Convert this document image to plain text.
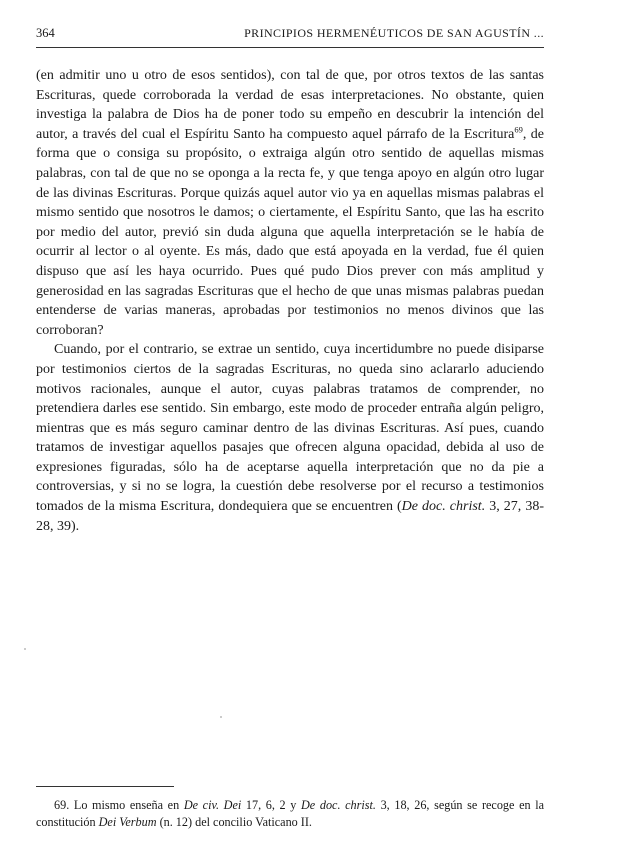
364	PRINCIPIOS HERMENÉUTICOS DE SAN AGUSTÍN ...

(en admitir uno u otro de esos sentidos), con tal de que, por otros textos de las santas Escrituras, quede corroborada la verdad de esas interpretaciones. No obstante, quien investiga la palabra de Dios ha de poner todo su empeño en descubrir la intención del autor, a través del cual el Espíritu Santo ha compuesto aquel párrafo de la Escritura$^{69}$, de forma que o consiga su propósito, o extraiga algún otro sentido de aquellas mismas palabras, con tal de que no se oponga a la recta fe, y que tenga apoyo en algún otro lugar de las divinas Escrituras. Porque quizás aquel autor vio ya en aquellas mismas palabras el mismo sentido que nosotros le damos; o ciertamente, el Espíritu Santo, que las ha escrito por medio del autor, previó sin duda alguna que aquella interpretación se le había de ocurrir al lector o al oyente. Es más, dado que está apoyada en la verdad, fue él quien dispuso que así les haya ocurrido. Pues qué pudo Dios prever con más amplitud y generosidad en las sagradas Escrituras que el hecho de que unas mismas palabras puedan entenderse de varias maneras, aprobadas por testimonios no menos divinos que las corroboran?

Cuando, por el contrario, se extrae un sentido, cuya incertidumbre no puede disiparse por testimonios ciertos de la sagradas Escrituras, no queda sino aclararlo aduciendo motivos racionales, aunque el autor, cuyas palabras tratamos de comprender, no pretendiera darles ese sentido. Sin embargo, este modo de proceder entraña algún peligro, mientras que es más seguro caminar dentro de las divinas Escrituras. Así pues, cuando tratamos de investigar aquellos pasajes que ofrecen alguna opacidad, debida al uso de expresiones figuradas, sólo ha de aceptarse aquella interpretación que no da pie a controversias, y si no se logra, la cuestión debe resolverse por el recurso a testimonios tomados de la misma Escritura, dondequiera que se encuentren (De doc. christ. 3, 27, 38-28, 39).

69. Lo mismo enseña en De civ. Dei 17, 6, 2 y De doc. christ. 3, 18, 26, según se recoge en la constitución Dei Verbum (n. 12) del concilio Vaticano II.
